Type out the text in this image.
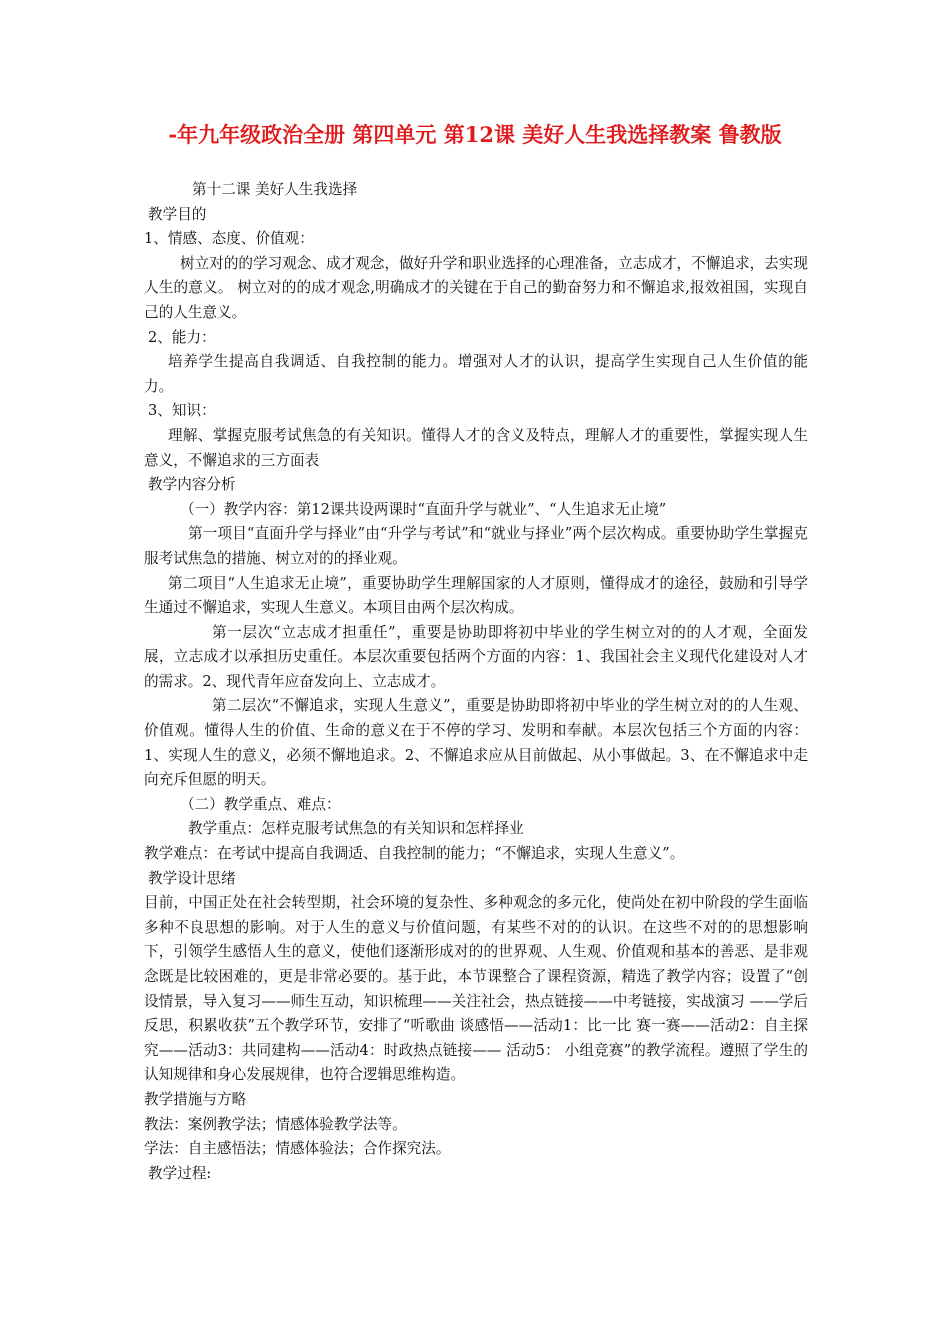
-年九年级政治全册 第四单元 第12课 美好人生我选择教案 鲁教版

第十二课 美好人生我选择

教学目的

1、情感、态度、价值观：

树立对的的学习观念、成才观念，做好升学和职业选择的心理准备，立志成才，不懈追求，去实现人生的意义。 树立对的的成才观念,明确成才的关键在于自己的勤奋努力和不懈追求,报效祖国，实现自己的人生意义。

2、能力：

培养学生提高自我调适、自我控制的能力。增强对人才的认识，提高学生实现自己人生价值的能力。

3、知识：

理解、掌握克服考试焦急的有关知识。懂得人才的含义及特点，理解人才的重要性，掌握实现人生意义，不懈追求的三方面表

教学内容分析

（一）教学内容：第12课共设两课时“直面升学与就业”、“人生追求无止境”

第一项目“直面升学与择业”由“升学与考试”和“就业与择业”两个层次构成。重要协助学生掌握克服考试焦急的措施、树立对的的择业观。

第二项目“人生追求无止境”，重要协助学生理解国家的人才原则，懂得成才的途径，鼓励和引导学生通过不懈追求，实现人生意义。本项目由两个层次构成。

第一层次“立志成才担重任”，重要是协助即将初中毕业的学生树立对的的人才观，全面发展，立志成才以承担历史重任。本层次重要包括两个方面的内容：1、我国社会主义现代化建设对人才的需求。2、现代青年应奋发向上、立志成才。

第二层次“不懈追求，实现人生意义”，重要是协助即将初中毕业的学生树立对的的人生观、价值观。懂得人生的价值、生命的意义在于不停的学习、发明和奉献。本层次包括三个方面的内容：1、实现人生的意义，必须不懈地追求。2、不懈追求应从目前做起、从小事做起。3、在不懈追求中走向充斥但愿的明天。

（二）教学重点、难点：

教学重点：怎样克服考试焦急的有关知识和怎样择业

教学难点：在考试中提高自我调适、自我控制的能力；“不懈追求，实现人生意义”。

教学设计思绪

目前，中国正处在社会转型期，社会环境的复杂性、多种观念的多元化，使尚处在初中阶段的学生面临多种不良思想的影响。对于人生的意义与价值问题，有某些不对的的认识。在这些不对的的思想影响下，引领学生感悟人生的意义，使他们逐渐形成对的的世界观、人生观、价值观和基本的善恶、是非观念既是比较困难的，更是非常必要的。基于此，本节课整合了课程资源，精选了教学内容；设置了“创设情景，导入复习——师生互动，知识梳理——关注社会，热点链接——中考链接，实战演习 ——学后反思，积累收获”五个教学环节，安排了“听歌曲 谈感悟——活动1：比一比 赛一赛——活动2：自主探究——活动3：共同建构——活动4：时政热点链接—— 活动5： 小组竞赛”的教学流程。遵照了学生的认知规律和身心发展规律，也符合逻辑思维构造。

教学措施与方略

教法：案例教学法；情感体验教学法等。

学法：自主感悟法；情感体验法；合作探究法。

教学过程:
